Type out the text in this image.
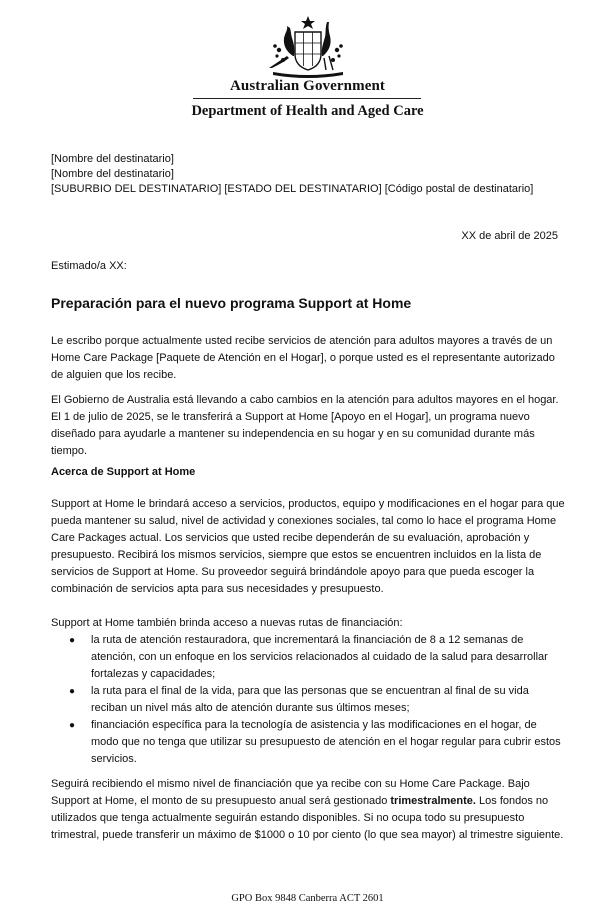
Australian Government
Department of Health and Aged Care
[Nombre del destinatario]
[Nombre del destinatario]
[SUBURBIO DEL DESTINATARIO] [ESTADO DEL DESTINATARIO] [Código postal de destinatario]
XX de abril de 2025
Estimado/a XX:
Preparación para el nuevo programa Support at Home
Le escribo porque actualmente usted recibe servicios de atención para adultos mayores a través de un Home Care Package [Paquete de Atención en el Hogar], o porque usted es el representante autorizado de alguien que los recibe.
El Gobierno de Australia está llevando a cabo cambios en la atención para adultos mayores en el hogar. El 1 de julio de 2025, se le transferirá a Support at Home [Apoyo en el Hogar], un programa nuevo diseñado para ayudarle a mantener su independencia en su hogar y en su comunidad durante más tiempo.
Acerca de Support at Home
Support at Home le brindará acceso a servicios, productos, equipo y modificaciones en el hogar para que pueda mantener su salud, nivel de actividad y conexiones sociales, tal como lo hace el programa Home Care Packages actual. Los servicios que usted recibe dependerán de su evaluación, aprobación y presupuesto. Recibirá los mismos servicios, siempre que estos se encuentren incluidos en la lista de servicios de Support at Home. Su proveedor seguirá brindándole apoyo para que pueda escoger la combinación de servicios apta para sus necesidades y presupuesto.
Support at Home también brinda acceso a nuevas rutas de financiación:
● la ruta de atención restauradora, que incrementará la financiación de 8 a 12 semanas de atención, con un enfoque en los servicios relacionados al cuidado de la salud para desarrollar fortalezas y capacidades;
● la ruta para el final de la vida, para que las personas que se encuentran al final de su vida reciban un nivel más alto de atención durante sus últimos meses;
● financiación específica para la tecnología de asistencia y las modificaciones en el hogar, de modo que no tenga que utilizar su presupuesto de atención en el hogar regular para cubrir estos servicios.
Seguirá recibiendo el mismo nivel de financiación que ya recibe con su Home Care Package. Bajo Support at Home, el monto de su presupuesto anual será gestionado trimestralmente. Los fondos no utilizados que tenga actualmente seguirán estando disponibles. Si no ocupa todo su presupuesto trimestral, puede transferir un máximo de $1000 o 10 por ciento (lo que sea mayor) al trimestre siguiente.
GPO Box 9848 Canberra ACT 2601
